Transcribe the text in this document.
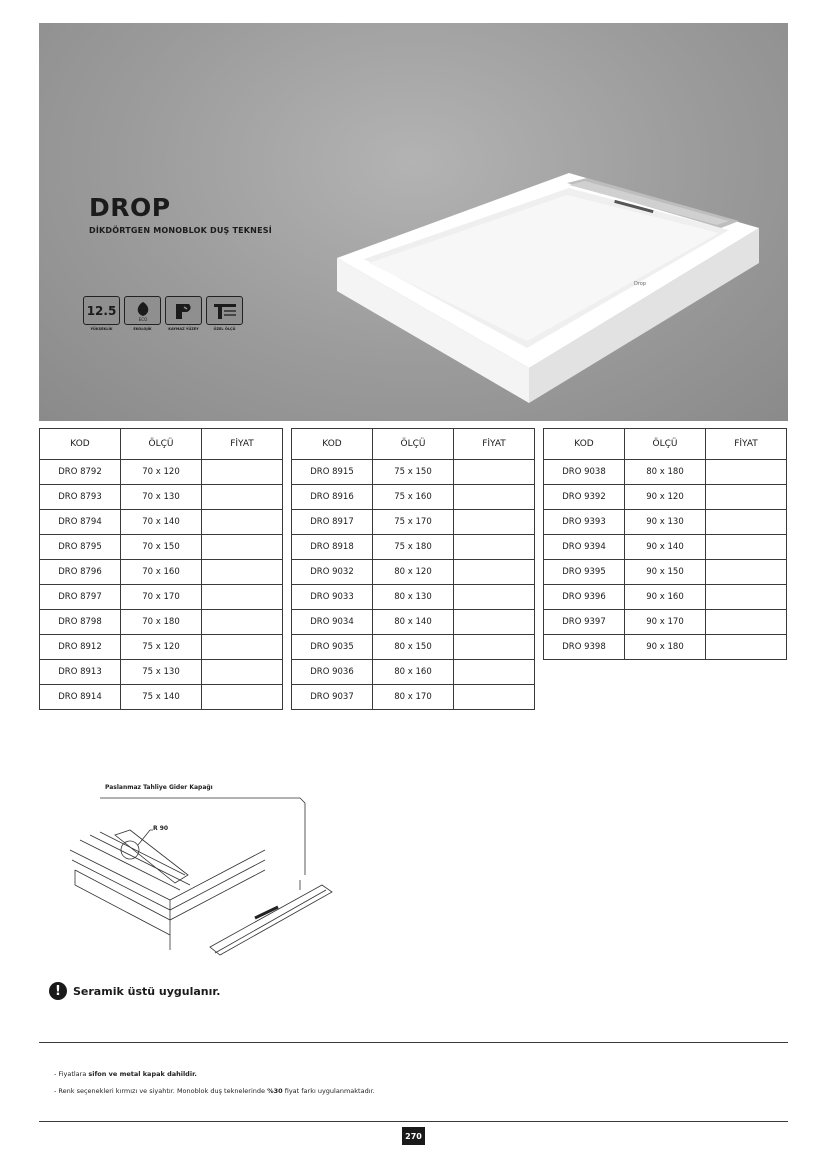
Drop
DROP
DİKDÖRTGEN MONOBLOK DUŞ TEKNESİ
12.5
YÜKSEKLİK
ECO
EKOLOJİK	KAYMAZ YÜZEY	ÖZEL ÖLÇÜ
KOD	ÖLÇÜ	FİYAT
DRO 8792	70 x 120	
DRO 8793	70 x 130	
DRO 8794	70 x 140	
DRO 8795	70 x 150	
DRO 8796	70 x 160	
DRO 8797	70 x 170	
DRO 8798	70 x 180	
DRO 8912	75 x 120	
DRO 8913	75 x 130	
DRO 8914	75 x 140	
KOD	ÖLÇÜ	FİYAT
DRO 8915	75 x 150	
DRO 8916	75 x 160	
DRO 8917	75 x 170	
DRO 8918	75 x 180	
DRO 9032	80 x 120	
DRO 9033	80 x 130	
DRO 9034	80 x 140	
DRO 9035	80 x 150	
DRO 9036	80 x 160	
DRO 9037	80 x 170	
KOD	ÖLÇÜ	FİYAT
DRO 9038	80 x 180	
DRO 9392	90 x 120	
DRO 9393	90 x 130	
DRO 9394	90 x 140	
DRO 9395	90 x 150	
DRO 9396	90 x 160	
DRO 9397	90 x 170	
DRO 9398	90 x 180	
Paslanmaz Tahliye Gider Kapağı
R 90
!	Seramik üstü uygulanır.
- Fiyatlara sifon ve metal kapak dahildir.
- Renk seçenekleri kırmızı ve siyahtır. Monoblok duş teknelerinde %30 fiyat farkı uygulanmaktadır.
270
